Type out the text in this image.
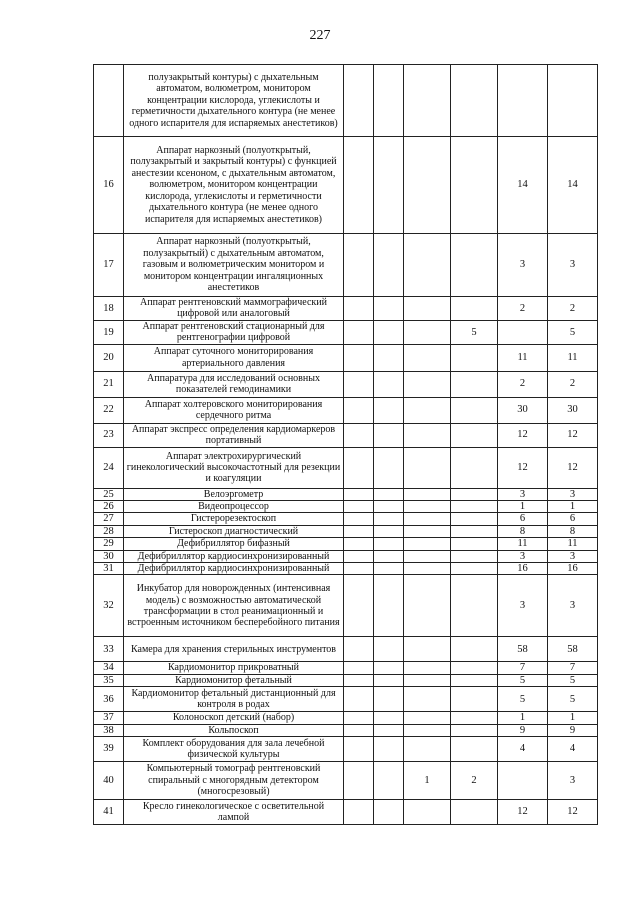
227
	полузакрытый контуры) с дыхательным автоматом, волюметром, монитором концентрации кислорода, углекислоты и герметичности дыхательного контура (не менее одного испарителя для испаряемых анестетиков)						
16	Аппарат наркозный (полуоткрытый, полузакрытый и закрытый контуры) с функцией анестезии ксеноном, с дыхательным автоматом, волюметром, монитором концентрации кислорода, углекислоты и герметичности дыхательного контура (не менее одного испарителя для испаряемых анестетиков)					14	14
17	Аппарат наркозный (полуоткрытый, полузакрытый) с дыхательным автоматом, газовым и волюметрическим монитором и монитором концентрации ингаляционных анестетиков					3	3
18	Аппарат рентгеновский маммографический цифровой или аналоговый					2	2
19	Аппарат рентгеновский стационарный для рентгенографии цифровой				5		5
20	Аппарат суточного мониторирования артериального давления					11	11
21	Аппаратура для исследований основных показателей гемодинамики					2	2
22	Аппарат холтеровского мониторирования сердечного ритма					30	30
23	Аппарат экспресс определения кардиомаркеров портативный					12	12
24	Аппарат электрохирургический гинекологический высокочастотный для резекции и коагуляции					12	12
25	Велоэргометр					3	3
26	Видеопроцессор					1	1
27	Гистерорезектоскоп					6	6
28	Гистероскоп диагностический					8	8
29	Дефибриллятор бифазный					11	11
30	Дефибриллятор кардиосинхронизированный					3	3
31	Дефибриллятор кардиосинхронизированный					16	16
32	Инкубатор для новорожденных (интенсивная модель) с возможностью автоматической трансформации в стол реанимационный и встроенным источником бесперебойного питания					3	3
33	Камера для хранения стерильных инструментов					58	58
34	Кардиомонитор прикроватный					7	7
35	Кардиомонитор фетальный					5	5
36	Кардиомонитор фетальный дистанционный для контроля в родах					5	5
37	Колоноскоп детский (набор)					1	1
38	Кольпоскоп					9	9
39	Комплект оборудования для зала лечебной физической культуры					4	4
40	Компьютерный томограф рентгеновский спиральный с многорядным детектором (многосрезовый)			1	2		3
41	Кресло гинекологическое с осветительной лампой					12	12
